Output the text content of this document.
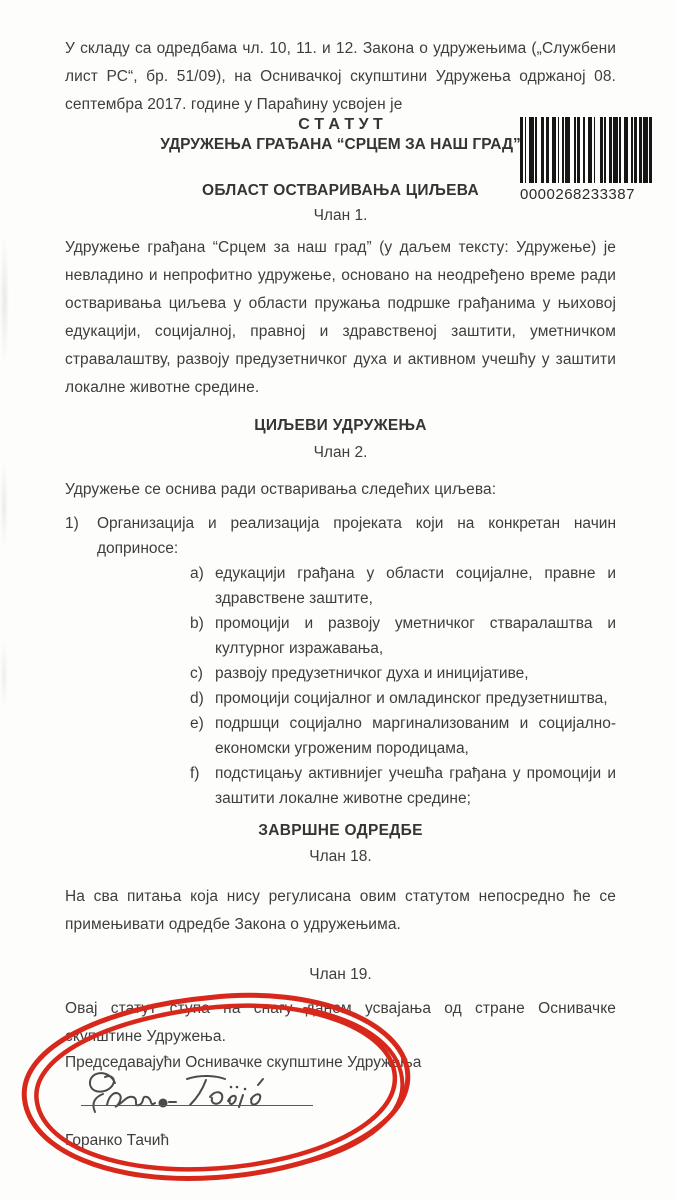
0000268233387

У складу са одредбама чл. 10, 11. и 12. Закона о удружењима („Службени лист РС“, бр. 51/09), на Оснивачкој скупштини Удружења одржаној 08. септембра 2017. године у Параћину усвојен је

С Т А Т У Т

УДРУЖЕЊА ГРАЂАНА “СРЦЕМ ЗА НАШ ГРАД”

ОБЛАСТ ОСТВАРИВАЊА ЦИЉЕВА

Члан 1.

Удружење грађана “Срцем за наш град” (у даљем тексту: Удружење) је невладино и непрофитно удружење, основано на неодређено време ради остваривања циљева у области пружања подршке грађанима у њиховој едукацији, социјалној, правној и здравственој заштити, уметничком стравалаштву, развоју предузетничког духа и активном учешћу у заштити локалне животне средине.

ЦИЉЕВИ УДРУЖЕЊА

Члан 2.

Удружење се оснива ради остваривања следећих циљева:

1)	Организација и реализација пројеката који на конкретан начин доприносе:
a) едукацији грађана у области социјалне, правне и здравствене заштите,
b) промоцији и развоју уметничког стваралаштва и културног изражавања,
c) развоју предузетничког духа и иницијативе,
d) промоцији социјалног и омладинског предузетништва,
e) подршци социјално маргинализованим и социјално-економски угроженим породицама,
f)	подстицању активнијег учешћа грађана у промоцији и заштити локалне животне средине;

ЗАВРШНЕ ОДРЕДБЕ

Члан 18.

На сва питања која нису регулисана овим статутом непосредно ће се примењивати одредбе Закона о удружењима.

Члан 19.

Овај статут ступа на снагу даном усвајања од стране Оснивачке скупштине Удружења.

Председавајући Оснивачке скупштине Удружења

Горанко Тачић
